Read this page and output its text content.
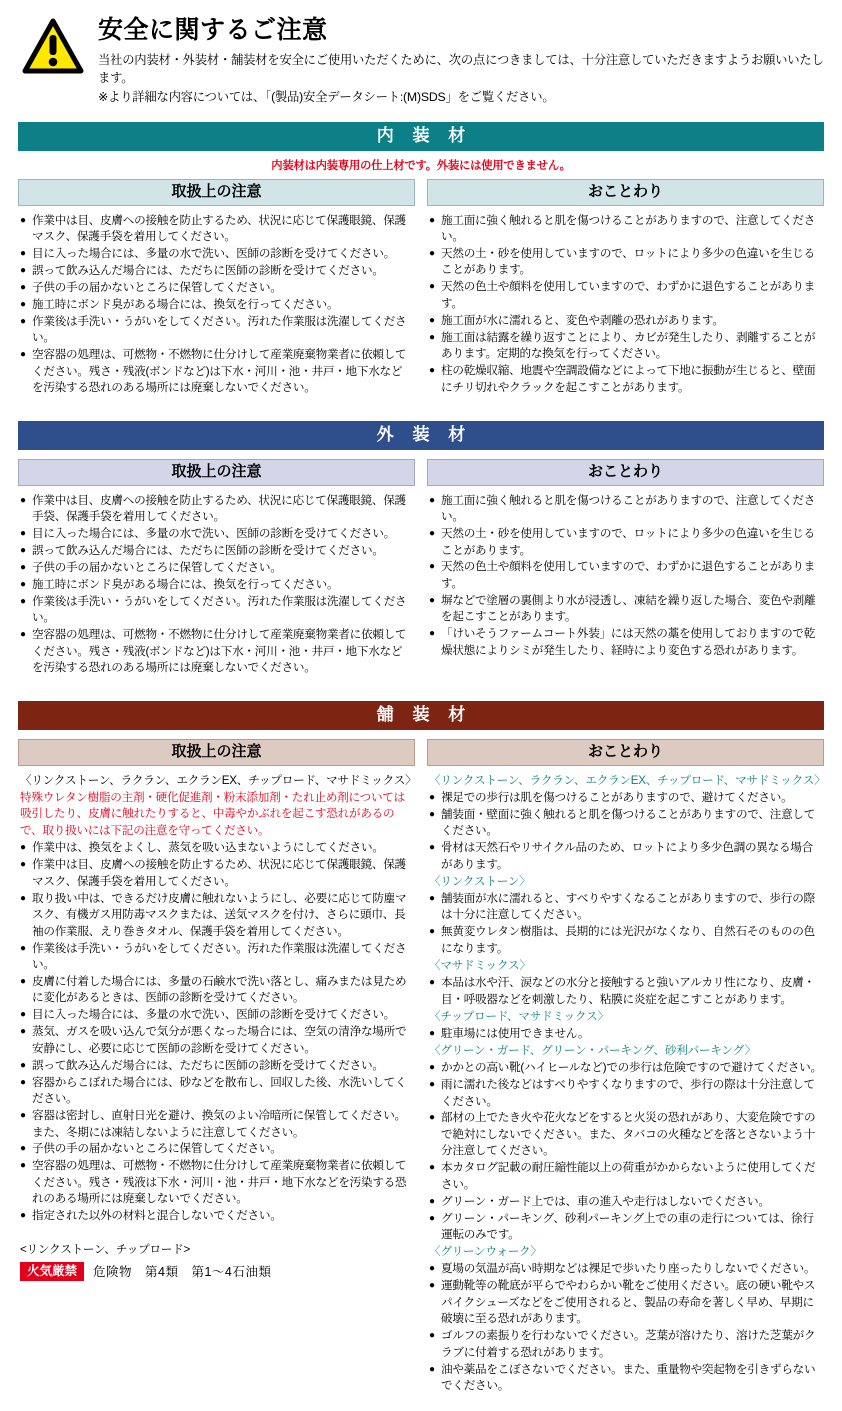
安全に関するご注意

当社の内装材・外装材・舗装材を安全にご使用いただくために、次の点につきましては、十分注意していただきますようお願いいたします。

※より詳細な内容については、「(製品)安全データシート:(M)SDS」をご覧ください。

内 装 材
内装材は内装専用の仕上材です。外装には使用できません。
取扱上の注意
● 作業中は目、皮膚への接触を防止するため、状況に応じて保護眼鏡、保護マスク、保護手袋を着用してください。
● 目に入った場合には、多量の水で洗い、医師の診断を受けてください。
● 誤って飲み込んだ場合には、ただちに医師の診断を受けてください。
● 子供の手の届かないところに保管してください。
● 施工時にボンド臭がある場合には、換気を行ってください。
● 作業後は手洗い・うがいをしてください。汚れた作業服は洗濯してください。
● 空容器の処理は、可燃物・不燃物に仕分けして産業廃棄物業者に依頼してください。残さ・残液(ボンドなど)は下水・河川・池・井戸・地下水などを汚染する恐れのある場所には廃棄しないでください。
おことわり
● 施工面に強く触れると肌を傷つけることがありますので、注意してください。
● 天然の土・砂を使用していますので、ロットにより多少の色違いを生じることがあります。
● 天然の色土や顔料を使用していますので、わずかに退色することがあります。
● 施工面が水に濡れると、変色や剥離の恐れがあります。
● 施工面は結露を繰り返すことにより、カビが発生したり、剥離することがあります。定期的な換気を行ってください。
● 柱の乾燥収縮、地震や空調設備などによって下地に振動が生じると、壁面にチリ切れやクラックを起こすことがあります。
外 装 材
取扱上の注意
● 作業中は目、皮膚への接触を防止するため、状況に応じて保護眼鏡、保護手袋、保護手袋を着用してください。
● 目に入った場合には、多量の水で洗い、医師の診断を受けてください。
● 誤って飲み込んだ場合には、ただちに医師の診断を受けてください。
● 子供の手の届かないところに保管してください。
● 施工時にボンド臭がある場合には、換気を行ってください。
● 作業後は手洗い・うがいをしてください。汚れた作業服は洗濯してください。
● 空容器の処理は、可燃物・不燃物に仕分けして産業廃棄物業者に依頼してください。残さ・残液(ボンドなど)は下水・河川・池・井戸・地下水などを汚染する恐れのある場所には廃棄しないでください。
おことわり
● 施工面に強く触れると肌を傷つけることがありますので、注意してください。
● 天然の土・砂を使用していますので、ロットにより多少の色違いを生じることがあります。
● 天然の色土や顔料を使用していますので、わずかに退色することがあります。
● 塀などで塗層の裏側より水が浸透し、凍結を繰り返した場合、変色や剥離を起こすことがあります。
● 「けいそうファームコート外装」には天然の藁を使用しておりますので乾燥状態によりシミが発生したり、経時により変色する恐れがあります。
舗 装 材
取扱上の注意
〈リンクストーン、ラクラン、エクランEX、チップロード、マサドミックス〉
特殊ウレタン樹脂の主剤・硬化促進剤・粉末添加剤・たれ止め剤については吸引したり、皮膚に触れたりすると、中毒やかぶれを起こす恐れがあるので、取り扱いには下記の注意を守ってください。
● 作業中は、換気をよくし、蒸気を吸い込まないようにしてください。
● 作業中は目、皮膚への接触を防止するため、状況に応じて保護眼鏡、保護マスク、保護手袋を着用してください。
● 取り扱い中は、できるだけ皮膚に触れないようにし、必要に応じて防塵マスク、有機ガス用防毒マスクまたは、送気マスクを付け、さらに頭巾、長袖の作業服、えり巻きタオル、保護手袋を着用してください。
● 作業後は手洗い・うがいをしてください。汚れた作業服は洗濯してください。
● 皮膚に付着した場合には、多量の石鹸水で洗い落とし、痛みまたは見ために変化があるときは、医師の診断を受けてください。
● 目に入った場合には、多量の水で洗い、医師の診断を受けてください。
● 蒸気、ガスを吸い込んで気分が悪くなった場合には、空気の清浄な場所で安静にし、必要に応じて医師の診断を受けてください。
● 誤って飲み込んだ場合には、ただちに医師の診断を受けてください。
● 容器からこぼれた場合には、砂などを散布し、回収した後、水洗いしてください。
● 容器は密封し、直射日光を避け、換気のよい冷暗所に保管してください。また、冬期には凍結しないように注意してください。
● 子供の手の届かないところに保管してください。
● 空容器の処理は、可燃物・不燃物に仕分けして産業廃棄物業者に依頼してください。残さ・残液は下水・河川・池・井戸・地下水などを汚染する恐れのある場所には廃棄しないでください。
● 指定された以外の材料と混合しないでください。
<リンクストーン、チップロード>
火気厳禁	危険物　第4類　第1〜4石油類
おことわり
〈リンクストーン、ラクラン、エクランEX、チップロード、マサドミックス〉
● 裸足での歩行は肌を傷つけることがありますので、避けてください。
● 舗装面・壁面に強く触れると肌を傷つけることがありますので、注意してください。
● 骨材は天然石やリサイクル品のため、ロットにより多少色調の異なる場合があります。
〈リンクストーン〉
● 舗装面が水に濡れると、すべりやすくなることがありますので、歩行の際は十分に注意してください。
● 無黄変ウレタン樹脂は、長期的には光沢がなくなり、自然石そのものの色になります。
〈マサドミックス〉
● 本品は水や汗、涙などの水分と接触すると強いアルカリ性になり、皮膚・目・呼吸器などを刺激したり、粘膜に炎症を起こすことがあります。
〈チップロード、マサドミックス〉
● 駐車場には使用できません。
〈グリーン・ガード、グリーン・パーキング、砂利パーキング〉
● かかとの高い靴(ハイヒールなど)での歩行は危険ですので避けてください。
● 雨に濡れた後などはすべりやすくなりますので、歩行の際は十分注意してください。
● 部材の上でたき火や花火などをすると火災の恐れがあり、大変危険ですので絶対にしないでください。また、タバコの火種などを落とさないよう十分注意してください。
● 本カタログ記載の耐圧縮性能以上の荷重がかからないように使用してください。
● グリーン・ガード上では、車の進入や走行はしないでください。
● グリーン・パーキング、砂利パーキング上での車の走行については、徐行運転のみです。
〈グリーンウォーク〉
● 夏場の気温が高い時期などは裸足で歩いたり座ったりしないでください。
● 運動靴等の靴底が平らでやわらかい靴をご使用ください。底の硬い靴やスパイクシューズなどをご使用されると、製品の寿命を著しく早め、早期に破壊に至る恐れがあります。
● ゴルフの素振りを行わないでください。芝葉が溶けたり、溶けた芝葉がクラブに付着する恐れがあります。
● 油や薬品をこぼさないでください。また、重量物や突起物を引きずらないでください。
